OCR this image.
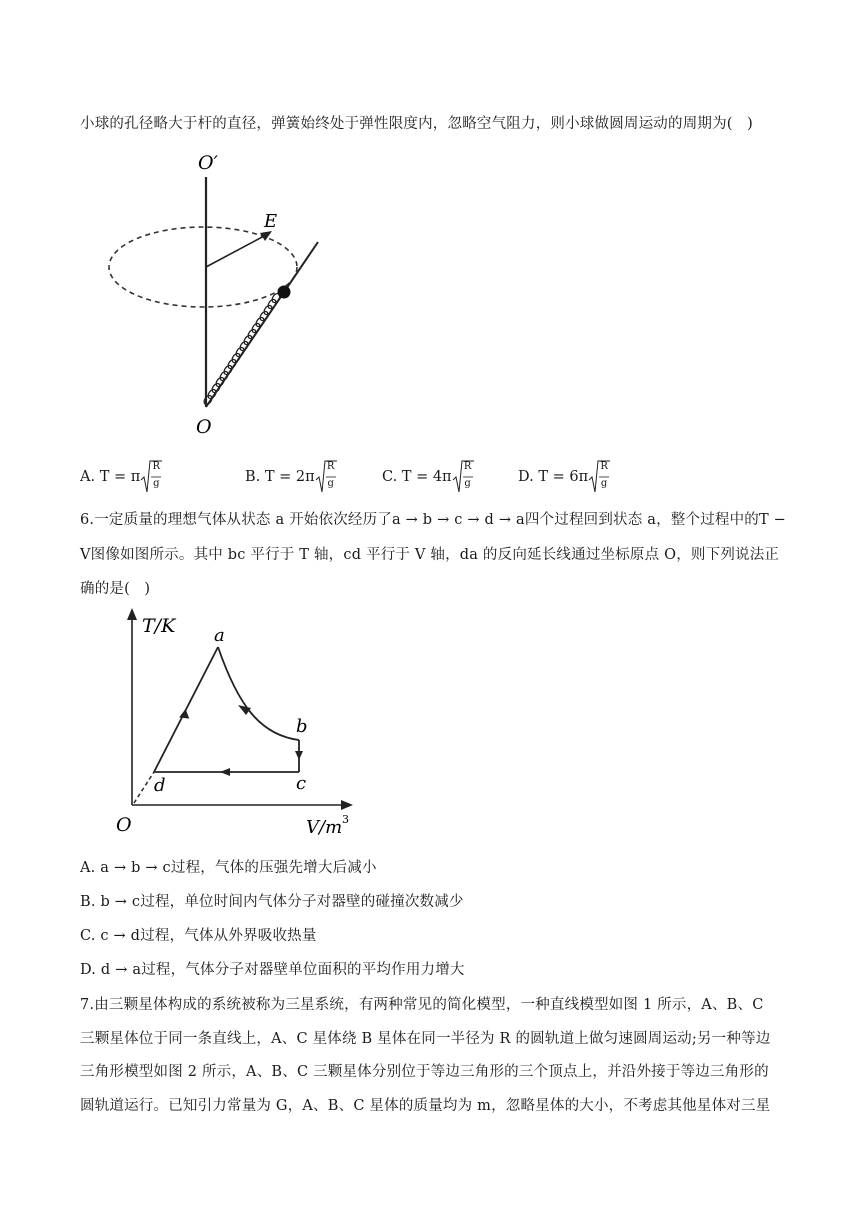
小球的孔径略大于杆的直径，弹簧始终处于弹性限度内，忽略空气阻力，则小球做圆周运动的周期为(   )
O′
O
E
A. T = π
R
g	B. T = 2π
R
g	C. T = 4π
R
g	D. T = 6π
R
g
6.一定质量的理想气体从状态 a 开始依次经历了a → b → c → d → a四个过程回到状态 a，整个过程中的T −
V图像如图所示。其中 bc 平行于 T 轴，cd 平行于 V 轴，da 的反向延长线通过坐标原点 O，则下列说法正
确的是(   )
T/K a
b
c
d
O	V/m 3
A. a → b → c过程，气体的压强先增大后减小
B. b → c过程，单位时间内气体分子对器壁的碰撞次数减少
C. c → d过程，气体从外界吸收热量
D. d → a过程，气体分子对器壁单位面积的平均作用力增大
7.由三颗星体构成的系统被称为三星系统，有两种常见的简化模型，一种直线模型如图 1 所示，A、B、C
三颗星体位于同一条直线上，A、C 星体绕 B 星体在同一半径为 R 的圆轨道上做匀速圆周运动;另一种等边
三角形模型如图 2 所示，A、B、C 三颗星体分别位于等边三角形的三个顶点上，并沿外接于等边三角形的
圆轨道运行。已知引力常量为 G，A、B、C 星体的质量均为 m，忽略星体的大小，不考虑其他星体对三星
